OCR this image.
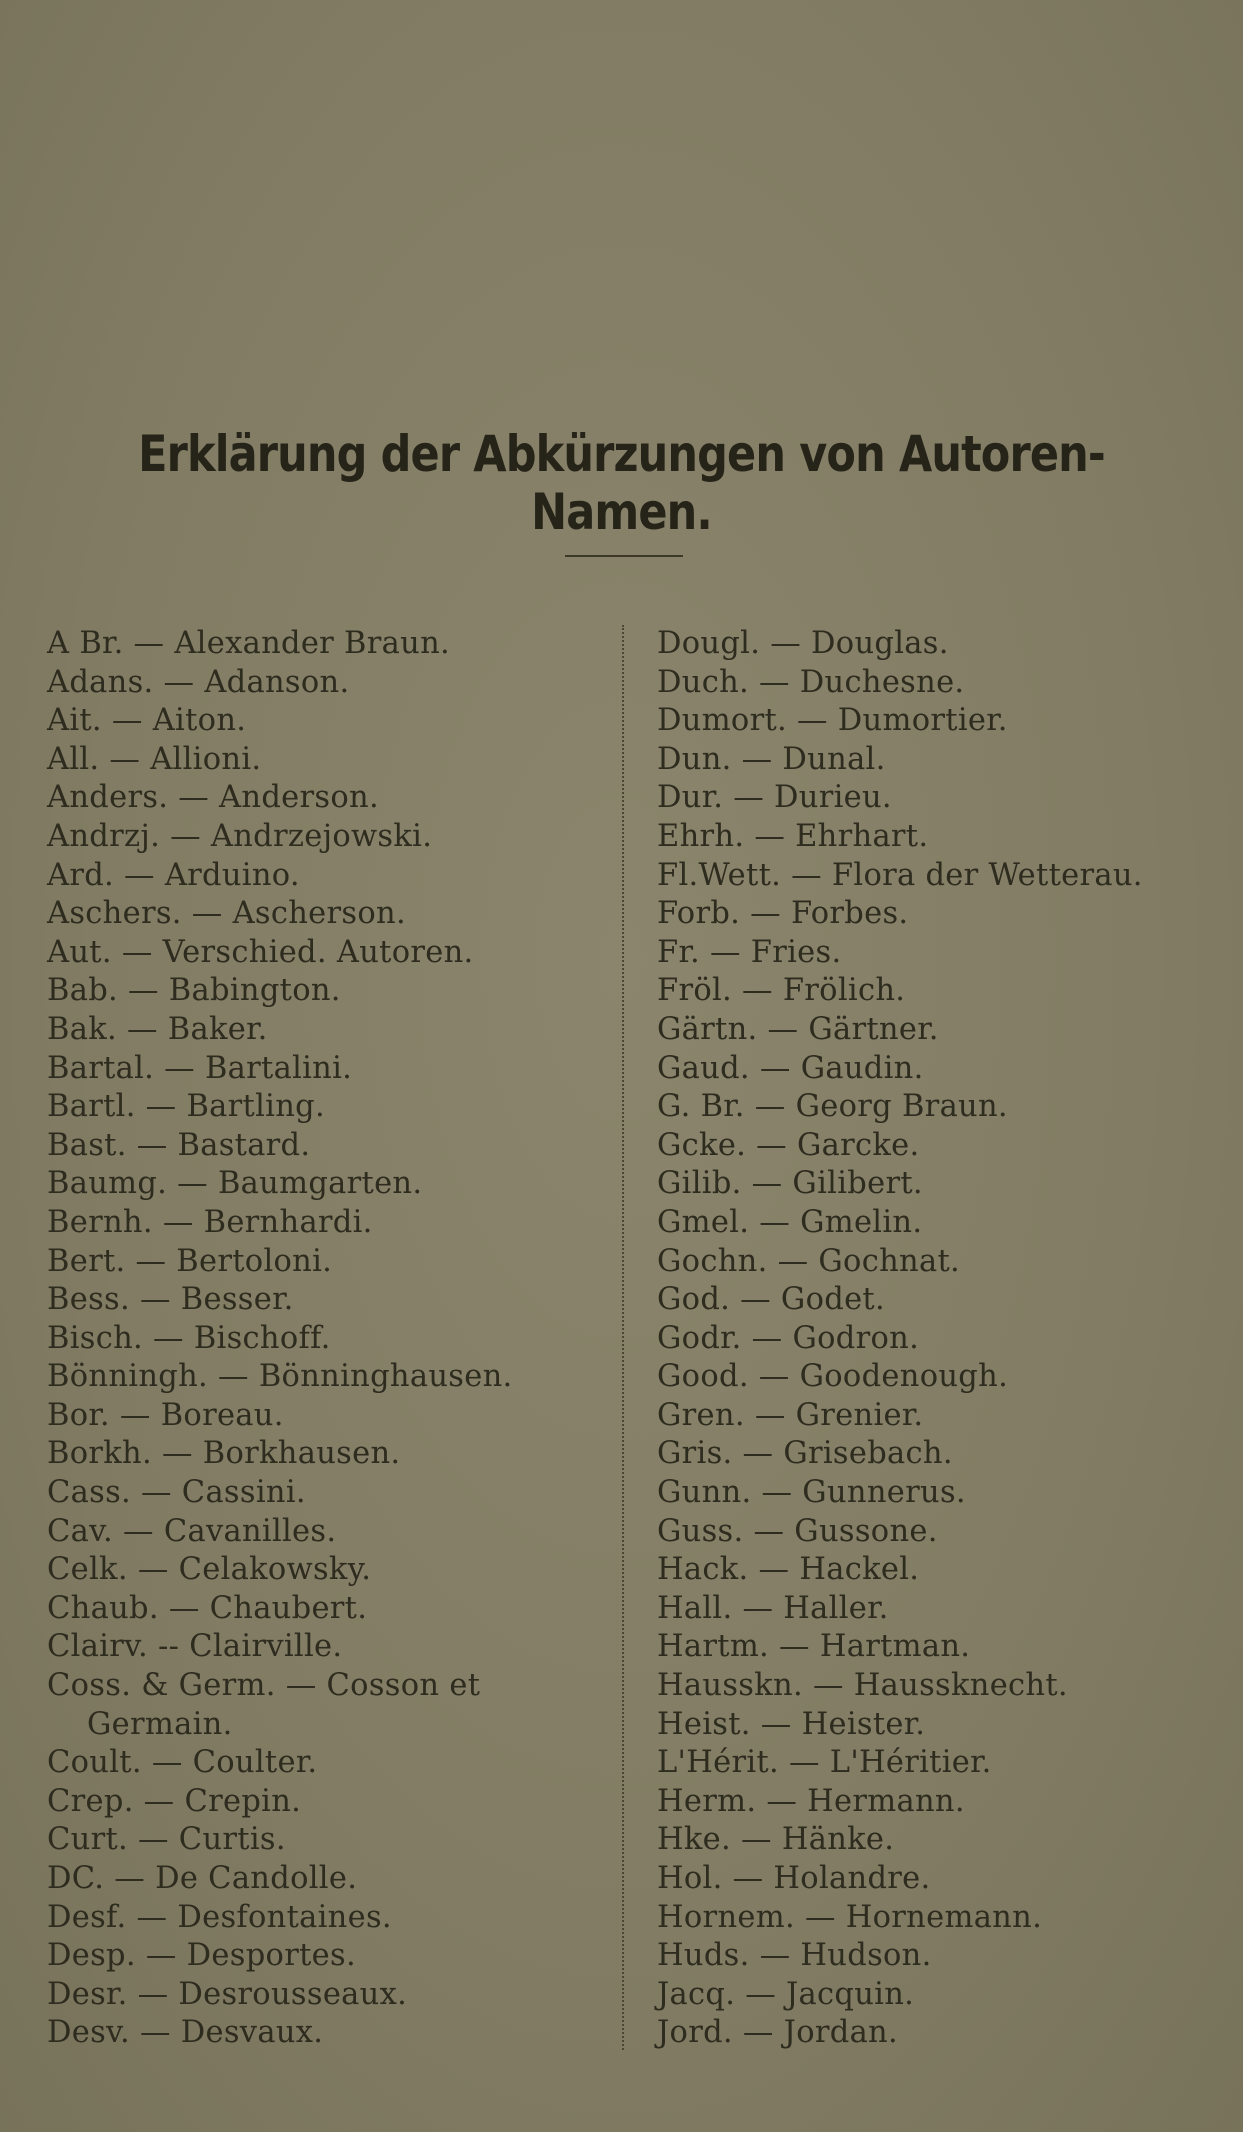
Erklärung der Abkürzungen von Autoren-Namen.
A Br. — Alexander Braun.
Adans. — Adanson.
Ait. — Aiton.
All. — Allioni.
Anders. — Anderson.
Andrzj. — Andrzejowski.
Ard. — Arduino.
Aschers. — Ascherson.
Aut. — Verschied. Autoren.
Bab. — Babington.
Bak. — Baker.
Bartal. — Bartalini.
Bartl. — Bartling.
Bast. — Bastard.
Baumg. — Baumgarten.
Bernh. — Bernhardi.
Bert. — Bertoloni.
Bess. — Besser.
Bisch. — Bischoff.
Bönningh. — Bönninghausen.
Bor. — Boreau.
Borkh. — Borkhausen.
Cass. — Cassini.
Cav. — Cavanilles.
Celk. — Celakowsky.
Chaub. — Chaubert.
Clairv. -- Clairville.
Coss. & Germ. — Cosson et
Germain.
Coult. — Coulter.
Crep. — Crepin.
Curt. — Curtis.
DC. — De Candolle.
Desf. — Desfontaines.
Desp. — Desportes.
Desr. — Desrousseaux.
Desv. — Desvaux.
Dougl. — Douglas.
Duch. — Duchesne.
Dumort. — Dumortier.
Dun. — Dunal.
Dur. — Durieu.
Ehrh. — Ehrhart.
Fl.Wett. — Flora der Wetterau.
Forb. — Forbes.
Fr. — Fries.
Fröl. — Frölich.
Gärtn. — Gärtner.
Gaud. — Gaudin.
G. Br. — Georg Braun.
Gcke. — Garcke.
Gilib. — Gilibert.
Gmel. — Gmelin.
Gochn. — Gochnat.
God. — Godet.
Godr. — Godron.
Good. — Goodenough.
Gren. — Grenier.
Gris. — Grisebach.
Gunn. — Gunnerus.
Guss. — Gussone.
Hack. — Hackel.
Hall. — Haller.
Hartm. — Hartman.
Hausskn. — Haussknecht.
Heist. — Heister.
L'Hérit. — L'Héritier.
Herm. — Hermann.
Hke. — Hänke.
Hol. — Holandre.
Hornem. — Hornemann.
Huds. — Hudson.
Jacq. — Jacquin.
Jord. — Jordan.
